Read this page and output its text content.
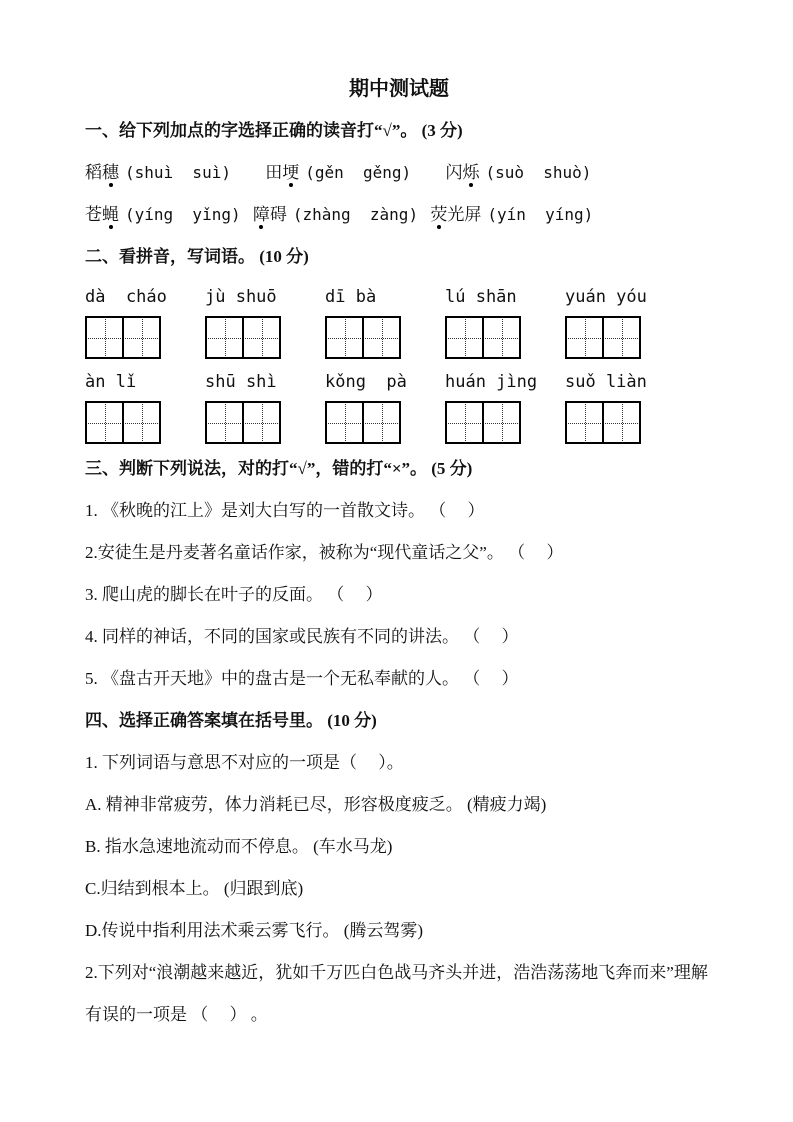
期中测试题
一、给下列加点的字选择正确的读音打“√”。 (3 分)
稻穗 (shuì  suì) 田埂 (gěn  gěng) 闪烁 (suò  shuò)
苍蝇 (yíng  yǐng) 障碍 (zhàng  zàng) 荧光屏 (yín  yíng)
二、看拼音，写词语。 (10 分)
dà  cháo	jù shuō	dī bà	lú shān	yuán yóu
àn lǐ	shū shì	kǒng  pà	huán jìng	suǒ liàn
三、判断下列说法，对的打“√”，错的打“×”。 (5 分)
1. 《秋晚的江上》是刘大白写的一首散文诗。 （　 ）
2.安徒生是丹麦著名童话作家，被称为“现代童话之父”。 （　 ）
3. 爬山虎的脚长在叶子的反面。 （　 ）
4. 同样的神话，不同的国家或民族有不同的讲法。 （　 ）
5. 《盘古开天地》中的盘古是一个无私奉献的人。 （　 ）
四、选择正确答案填在括号里。 (10 分)
1. 下列词语与意思不对应的一项是（　 ）。
A. 精神非常疲劳，体力消耗已尽，形容极度疲乏。 (精疲力竭)
B. 指水急速地流动而不停息。 (车水马龙)
C.归结到根本上。 (归跟到底)
D.传说中指利用法术乘云雾飞行。 (腾云驾雾)
2.下列对“浪潮越来越近，犹如千万匹白色战马齐头并进，浩浩荡荡地飞奔而来”理解有误的一项是 （　 ） 。
